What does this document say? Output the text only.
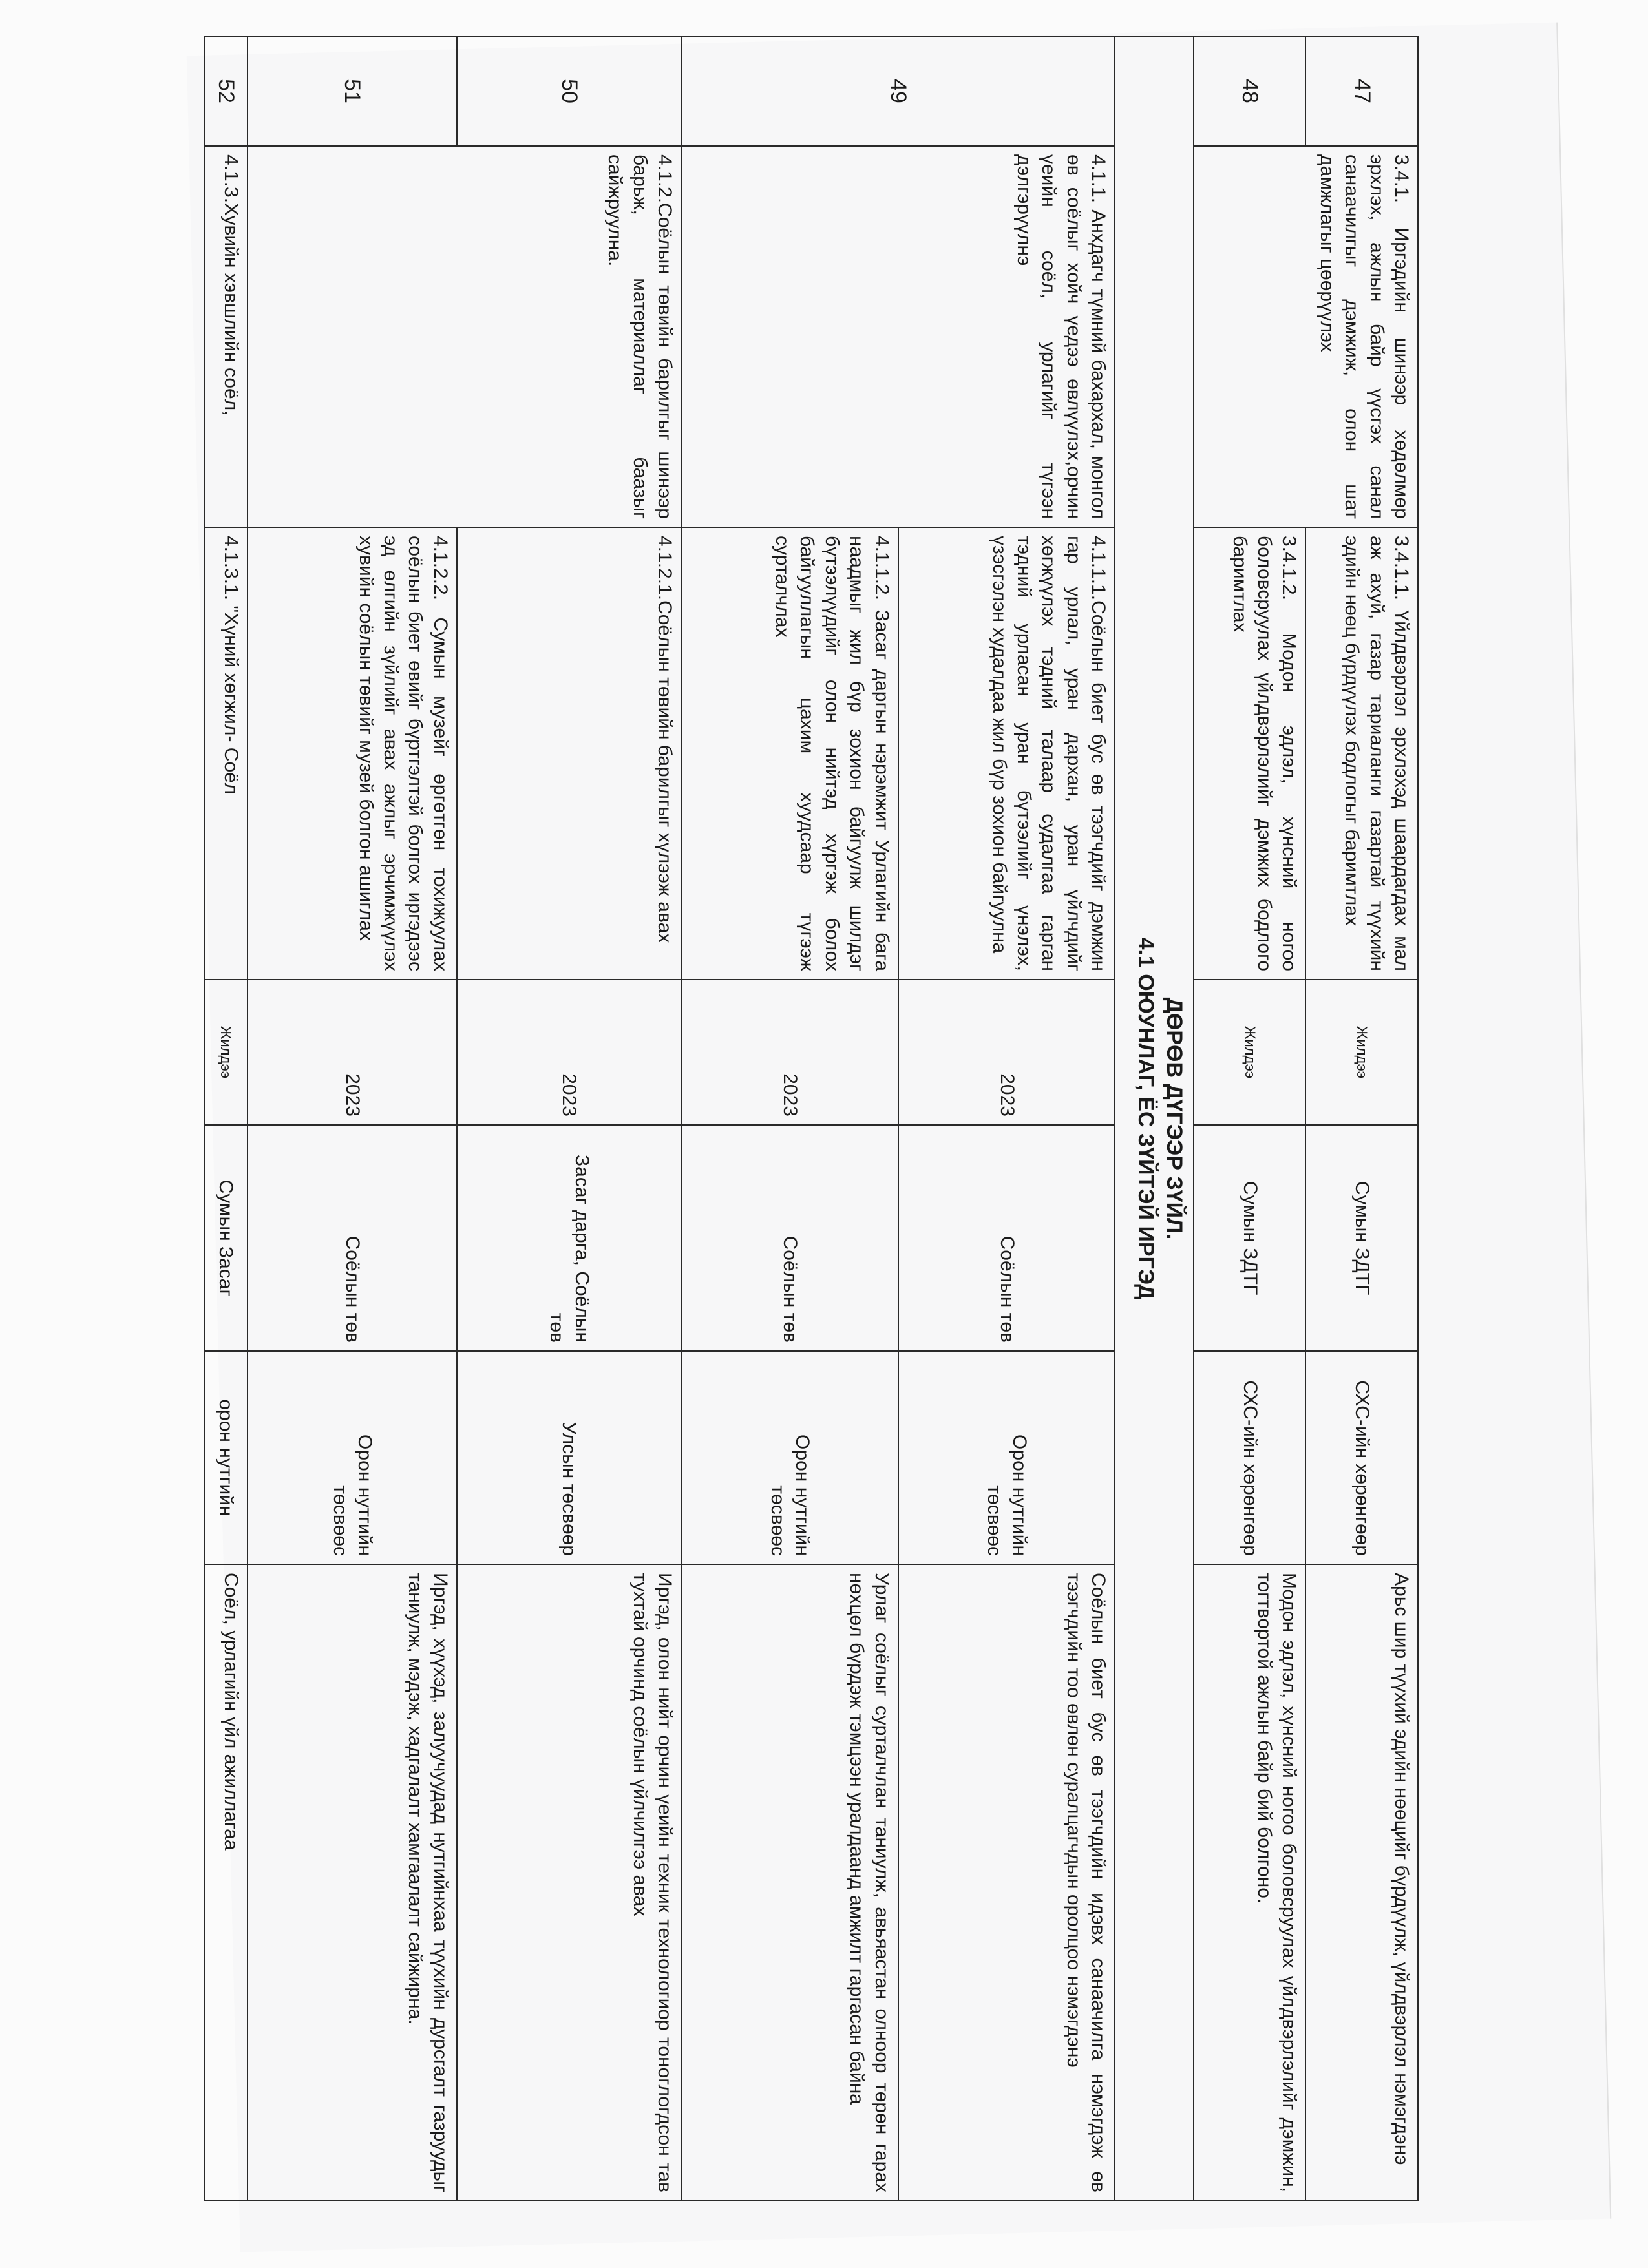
47	3.4.1. Иргэдийн шинээр хөдөлмөр эрхлэх, ажлын байр үүсгэх санал санаачилгыг дэмжиж, олон шат дамжлагыг цөөрүүлэх	3.4.1.1. Үйлдвэрлэл эрхлэхэд шаардагдах мал аж ахуй, газар тариаланги газартай түүхийн эдийн нөөц бүрдүүлэх бодлогыг баримтлах	Жилдээ	Сумын ЗДТГ	СХС-ийн хөрөнгөөр	Арьс шир түүхий эдийн нөөцийг бүрдүүлж, үйлдвэрлэл нэмэгдэнэ
48		3.4.1.2. Модон эдлэл, хүнсний ногоо боловсруулах үйлдвэрлэлийг дэмжих бодлого баримтлах	Жилдээ	Сумын ЗДТГ	СХС-ийн хөрөнгөөр	Модон эдлэл, хүнсний ногоо боловсруулах үйлдвэрлэлийг дэмжин, тогтвортой ажлын байр бий болгоно.

ДӨРӨВ ДҮГЭЭР ЗҮЙЛ.
4.1 ОЮУНЛАГ, ЁС ЗҮЙТЭЙ ИРГЭД						

49	4.1.1. Анхдагч түмний бахархал, монгол өв соёлыг хойч үедээ өвлүүлэх,орчин үеийн соёл, урлагийг түгээн дэлгэрүүлнэ	4.1.1.1.Соёлын биет бус өв тээгчдийг дэмжин гар урлал, уран дархан, уран үйлчдийг хөгжүүлэх тэдний талаар судалгаа гарган тэдний урласан уран бүтээлийг үнэлэх, үзэсгэлэн худалдаа жил бүр зохион байгуулна	2023	Соёлын төв	Орон нутгийн төсвөөс	Соёлын биет бус өв тээгчдийн идэвх санаачилга нэмэгдэж өв тээгчдийн тоо өвлөн суралцагчдын оролцоо нэмэгдэнэ
		4.1.1.2. Засаг даргын нэрэмжит Урлагийн бага наадмыг жил бүр зохион байгуулж шилдэг бүтээлүүдийг олон нийтэд хүргэж болох байгууллагын цахим хуудсаар түгээж сурталчлах	2023	Соёлын төв	Орон нутгийн төсвөөс	Урлаг соёлыг сурталчлан таниулж, авьяастан олноор төрөн гарах нөхцөл бүрдэж тэмцээн уралдаанд амжилт гаргасан байна
50	4.1.2.Соёлын төвийн барилгыг шинээр барьж, материаллаг баазыг сайжруулна.	4.1.2.1.Соёлын төвийн барилгыг хүлээж авах	2023	Засаг дарга, Соёлын төв	Улсын төсвөөр	Иргэд, олон нийт орчин үеийн техник технологиор тоноглогдсон тав тухтай орчинд соёлын үйлчилгээ авах
51		4.1.2.2. Сумын музейг өргөтгөн тохижуулах соёлын биет өвийг бүртгэлтэй болгох иргэдээс эд өлгийн зүйлийг авах ажлыг эрчимжүүлэх хувийн соёлын төвийг музей болгон ашиглах	2023	Соёлын төв	Орон нутгийн төсвөөс	Иргэд, хүүхэд, залуучуудад нутгийнхаа түүхийн дурсгалт газруудыг таниулж, мэдэж, хадгалалт хамгаалалт сайжирна.
52	4.1.3.Хувийн хэвшлийн соёл,	4.1.3.1. "Хүний хөгжил- Соёл	Жилдээ	Сумын Засаг	орон нутгийн	Соёл, урлагийн үйл ажиллагаа
